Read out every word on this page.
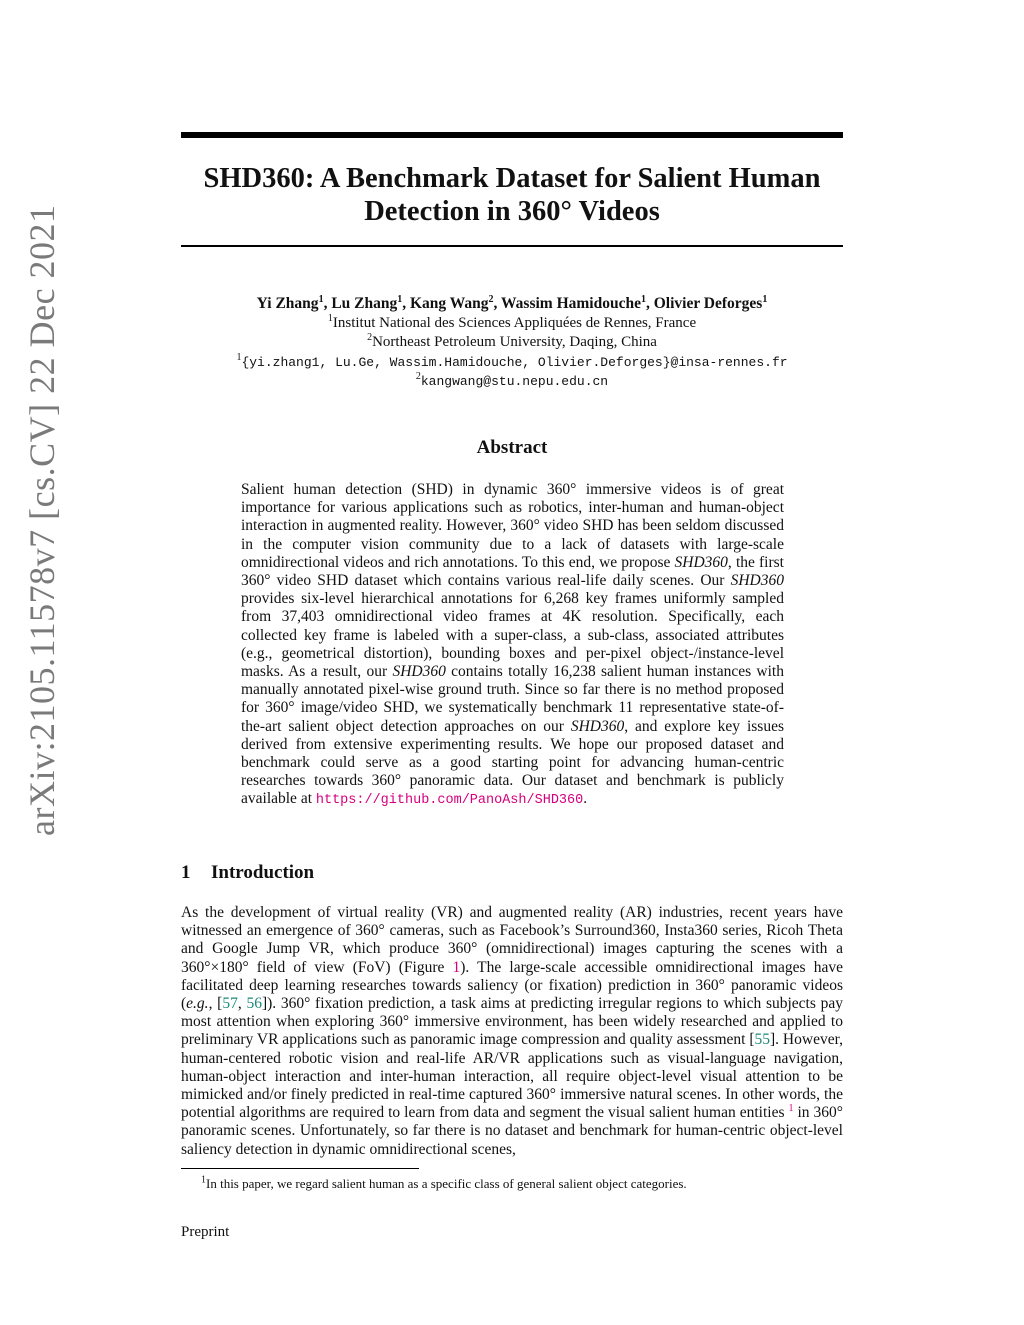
arXiv:2105.11578v7 [cs.CV] 22 Dec 2021
SHD360: A Benchmark Dataset for Salient Human
Detection in 360° Videos
Yi Zhang$^1$, Lu Zhang$^1$, Kang Wang$^2$, Wassim Hamidouche$^1$, Olivier Deforges$^1$
$^1$Institut National des Sciences Appliquées de Rennes, France
$^2$Northeast Petroleum University, Daqing, China
$^1${yi.zhang1, Lu.Ge, Wassim.Hamidouche, Olivier.Deforges}@insa-rennes.fr
$^2$kangwang@stu.nepu.edu.cn
Abstract
Salient human detection (SHD) in dynamic 360° immersive videos is of great importance for various applications such as robotics, inter-human and human-object interaction in augmented reality. However, 360° video SHD has been seldom discussed in the computer vision community due to a lack of datasets with large-scale omnidirectional videos and rich annotations. To this end, we propose SHD360, the first 360° video SHD dataset which contains various real-life daily scenes. Our SHD360 provides six-level hierarchical annotations for 6,268 key frames uniformly sampled from 37,403 omnidirectional video frames at 4K resolution. Specifically, each collected key frame is labeled with a super-class, a sub-class, associated attributes (e.g., geometrical distortion), bounding boxes and per-pixel object-/instance-level masks. As a result, our SHD360 contains totally 16,238 salient human instances with manually annotated pixel-wise ground truth. Since so far there is no method proposed for 360° image/video SHD, we systematically benchmark 11 representative state-of-the-art salient object detection approaches on our SHD360, and explore key issues derived from extensive experimenting results. We hope our proposed dataset and benchmark could serve as a good starting point for advancing human-centric researches towards 360° panoramic data. Our dataset and benchmark is publicly available at https://github.com/PanoAsh/SHD360.
1 Introduction
As the development of virtual reality (VR) and augmented reality (AR) industries, recent years have witnessed an emergence of 360° cameras, such as Facebook’s Surround360, Insta360 series, Ricoh Theta and Google Jump VR, which produce 360° (omnidirectional) images capturing the scenes with a 360°×180° field of view (FoV) (Figure 1). The large-scale accessible omnidirectional images have facilitated deep learning researches towards saliency (or fixation) prediction in 360° panoramic videos (e.g., [57, 56]). 360° fixation prediction, a task aims at predicting irregular regions to which subjects pay most attention when exploring 360° immersive environment, has been widely researched and applied to preliminary VR applications such as panoramic image compression and quality assessment [55]. However, human-centered robotic vision and real-life AR/VR applications such as visual-language navigation, human-object interaction and inter-human interaction, all require object-level visual attention to be mimicked and/or finely predicted in real-time captured 360° immersive natural scenes. In other words, the potential algorithms are required to learn from data and segment the visual salient human entities $^1$ in 360° panoramic scenes. Unfortunately, so far there is no dataset and benchmark for human-centric object-level saliency detection in dynamic omnidirectional scenes,
$^1$In this paper, we regard salient human as a specific class of general salient object categories.
Preprint
